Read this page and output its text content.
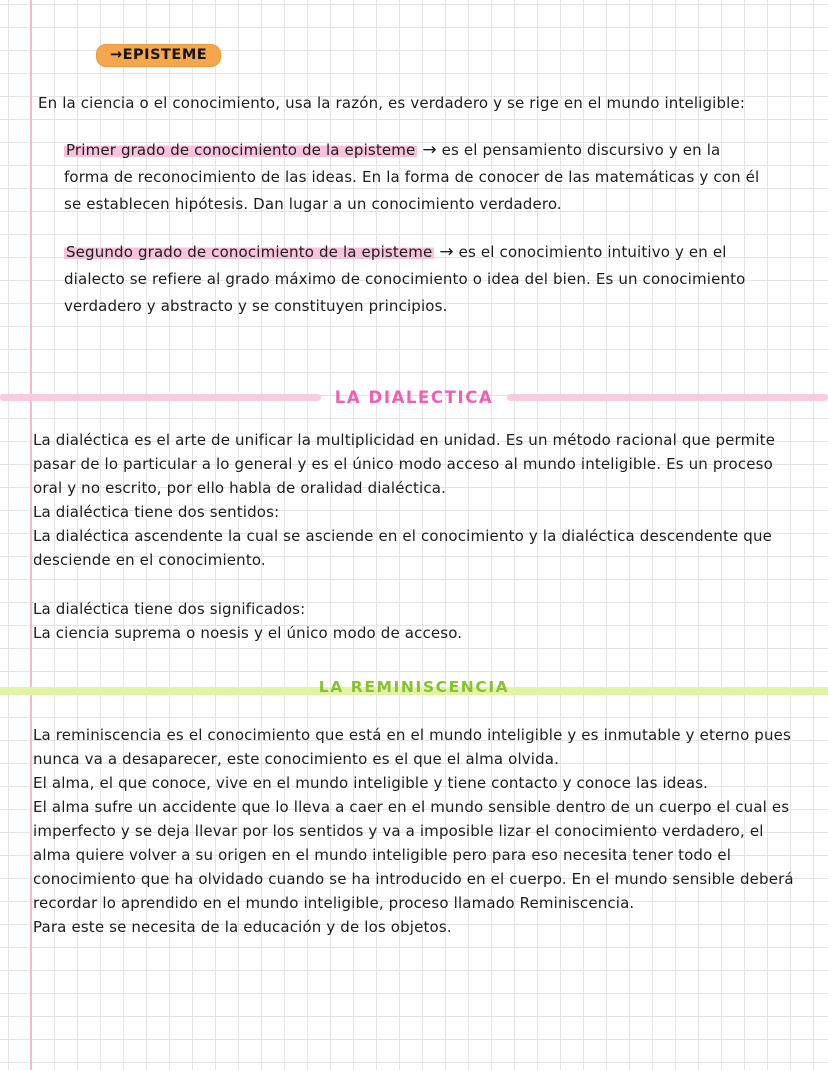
→EPISTEME

En la ciencia o el conocimiento, usa la razón, es verdadero y se rige en el mundo inteligible:

Primer grado de conocimiento de la episteme → es el pensamiento discursivo y en la forma de reconocimiento de las ideas. En la forma de conocer de las matemáticas y con él se establecen hipótesis. Dan lugar a un conocimiento verdadero.
Segundo grado de conocimiento de la episteme → es el conocimiento intuitivo y en el dialecto se refiere al grado máximo de conocimiento o idea del bien. Es un conocimiento verdadero y abstracto y se constituyen principios.
LA DIALECTICA

La dialéctica es el arte de unificar la multiplicidad en unidad. Es un método racional que permite pasar de lo particular a lo general y es el único modo acceso al mundo inteligible. Es un proceso oral y no escrito, por ello habla de oralidad dialéctica.

La dialéctica tiene dos sentidos:

La dialéctica ascendente la cual se asciende en el conocimiento y la dialéctica descendente que desciende en el conocimiento.

La dialéctica tiene dos significados:

La ciencia suprema o noesis y el único modo de acceso.

LA REMINISCENCIA

La reminiscencia es el conocimiento que está en el mundo inteligible y es inmutable y eterno pues nunca va a desaparecer, este conocimiento es el que el alma olvida.

El alma, el que conoce, vive en el mundo inteligible y tiene contacto y conoce las ideas.

El alma sufre un accidente que lo lleva a caer en el mundo sensible dentro de un cuerpo el cual es imperfecto y se deja llevar por los sentidos y va a imposible lizar el conocimiento verdadero, el alma quiere volver a su origen en el mundo inteligible pero para eso necesita tener todo el conocimiento que ha olvidado cuando se ha introducido en el cuerpo. En el mundo sensible deberá recordar lo aprendido en el mundo inteligible, proceso llamado Reminiscencia.

Para este se necesita de la educación y de los objetos.
